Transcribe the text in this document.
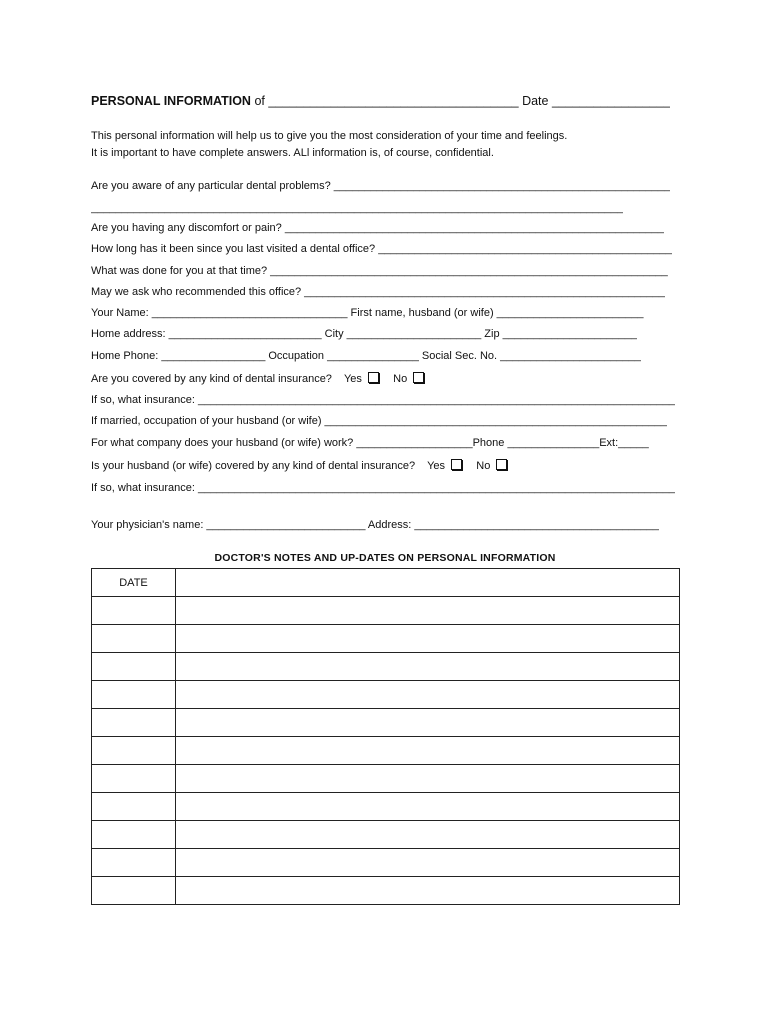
PERSONAL INFORMATION of ____________________________________ Date _________________
This personal information will help us to give you the most consideration of your time and feelings.
It is important to have complete answers. ALl information is, of course, confidential.
Are you aware of any particular dental problems? _______________________________________________________
_______________________________________________________________________________________
Are you having any discomfort or pain? ______________________________________________________________
How long has it been since you last visited a dental office? ________________________________________________
What was done for you at that time? _________________________________________________________________
May we ask who recommended this office? ___________________________________________________________
Your Name: ________________________________ First name, husband (or wife) ________________________
Home address: _________________________ City ______________________ Zip ______________________
Home Phone: _________________ Occupation _______________ Social Sec. No. _______________________
Are you covered by any kind of dental insurance? Yes	No
If so, what insurance: ______________________________________________________________________________
If married, occupation of your husband (or wife) ________________________________________________________
For what company does your husband (or wife) work? ___________________Phone _______________Ext:_____
Is your husband (or wife) covered by any kind of dental insurance? Yes	No
If so, what insurance: ______________________________________________________________________________
Your physician's name: __________________________ Address: ________________________________________
DOCTOR'S NOTES AND UP-DATES ON PERSONAL INFORMATION
DATE	
